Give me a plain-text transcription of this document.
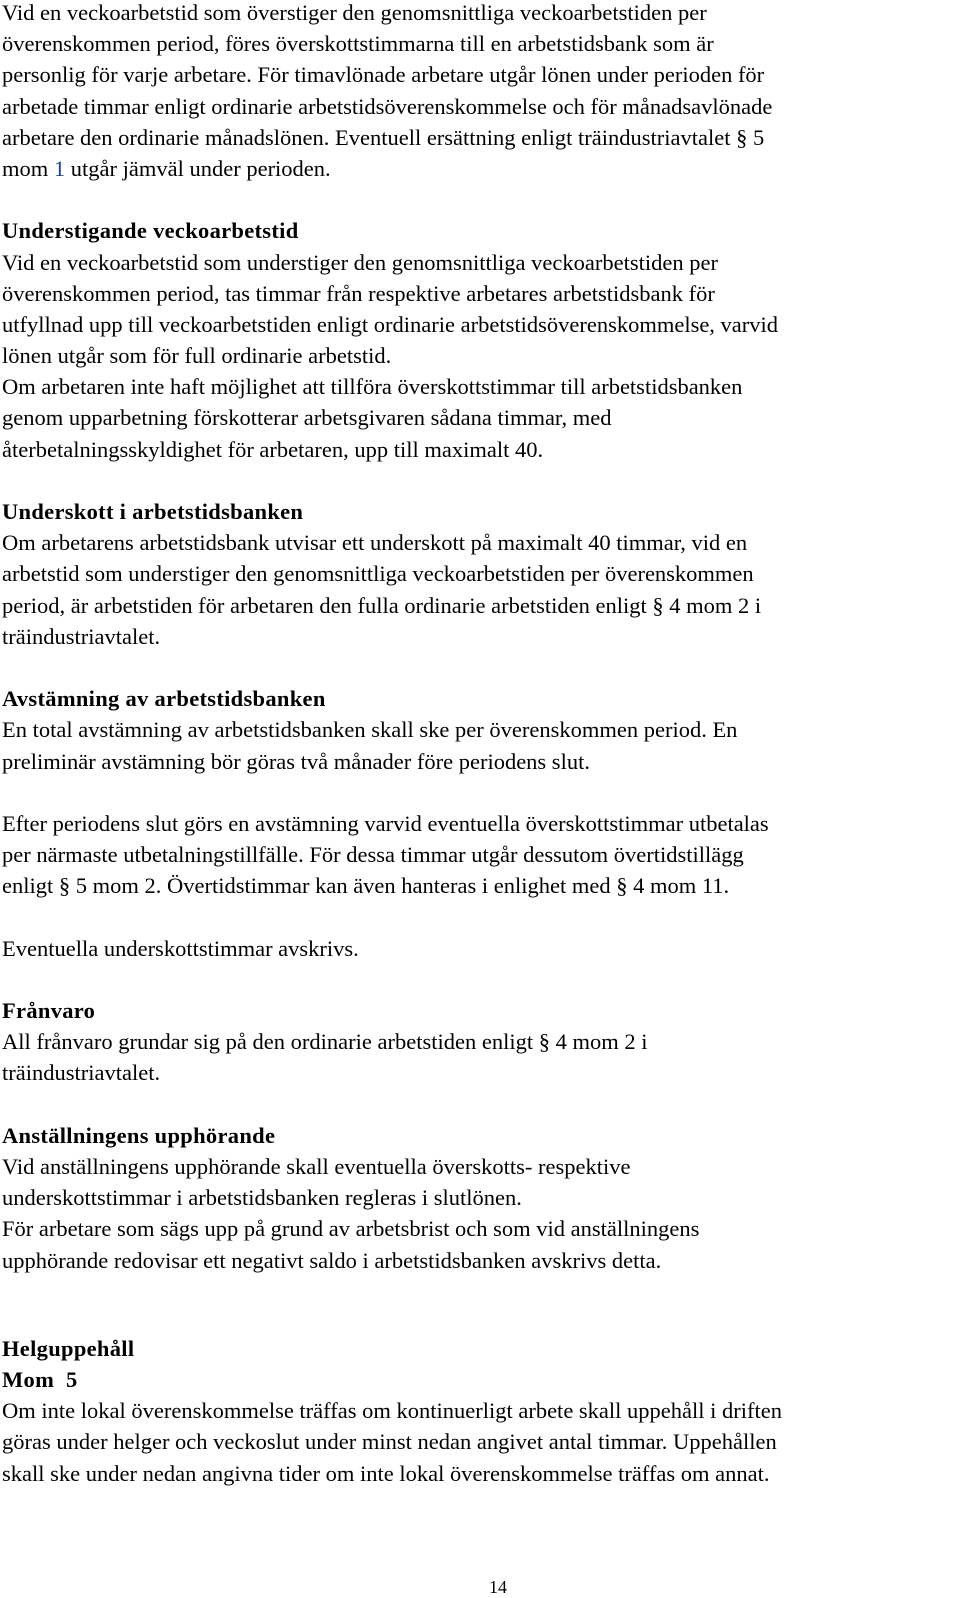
Vid en veckoarbetstid som överstiger den genomsnittliga veckoarbetstiden per
överenskommen period, föres överskottstimmarna till en arbetstidsbank som är
personlig för varje arbetare. För timavlönade arbetare utgår lönen under perioden för
arbetade timmar enligt ordinarie arbetstidsöverenskommelse och för månadsavlönade
arbetare den ordinarie månadslönen. Eventuell ersättning enligt träindustriavtalet § 5
mom 1 utgår jämväl under perioden.
Understigande veckoarbetstid
Vid en veckoarbetstid som understiger den genomsnittliga veckoarbetstiden per
överenskommen period, tas timmar från respektive arbetares arbetstidsbank för
utfyllnad upp till veckoarbetstiden enligt ordinarie arbetstidsöverenskommelse, varvid
lönen utgår som för full ordinarie arbetstid.
Om arbetaren inte haft möjlighet att tillföra överskottstimmar till arbetstidsbanken
genom upparbetning förskotterar arbetsgivaren sådana timmar, med
återbetalningsskyldighet för arbetaren, upp till maximalt 40.
Underskott i arbetstidsbanken
Om arbetarens arbetstidsbank utvisar ett underskott på maximalt 40 timmar, vid en
arbetstid som understiger den genomsnittliga veckoarbetstiden per överenskommen
period, är arbetstiden för arbetaren den fulla ordinarie arbetstiden enligt § 4 mom 2 i
träindustriavtalet.
Avstämning av arbetstidsbanken
En total avstämning av arbetstidsbanken skall ske per överenskommen period. En
preliminär avstämning bör göras två månader före periodens slut.
Efter periodens slut görs en avstämning varvid eventuella överskottstimmar utbetalas
per närmaste utbetalningstillfälle. För dessa timmar utgår dessutom övertidstillägg
enligt § 5 mom 2. Övertidstimmar kan även hanteras i enlighet med § 4 mom 11.
Eventuella underskottstimmar avskrivs.
Frånvaro
All frånvaro grundar sig på den ordinarie arbetstiden enligt § 4 mom 2 i
träindustriavtalet.
Anställningens upphörande
Vid anställningens upphörande skall eventuella överskotts- respektive
underskottstimmar i arbetstidsbanken regleras i slutlönen.
För arbetare som sägs upp på grund av arbetsbrist och som vid anställningens
upphörande redovisar ett negativt saldo i arbetstidsbanken avskrivs detta.
Helguppehåll
Mom  5
Om inte lokal överenskommelse träffas om kontinuerligt arbete skall uppehåll i driften
göras under helger och veckoslut under minst nedan angivet antal timmar. Uppehållen
skall ske under nedan angivna tider om inte lokal överenskommelse träffas om annat.
14
